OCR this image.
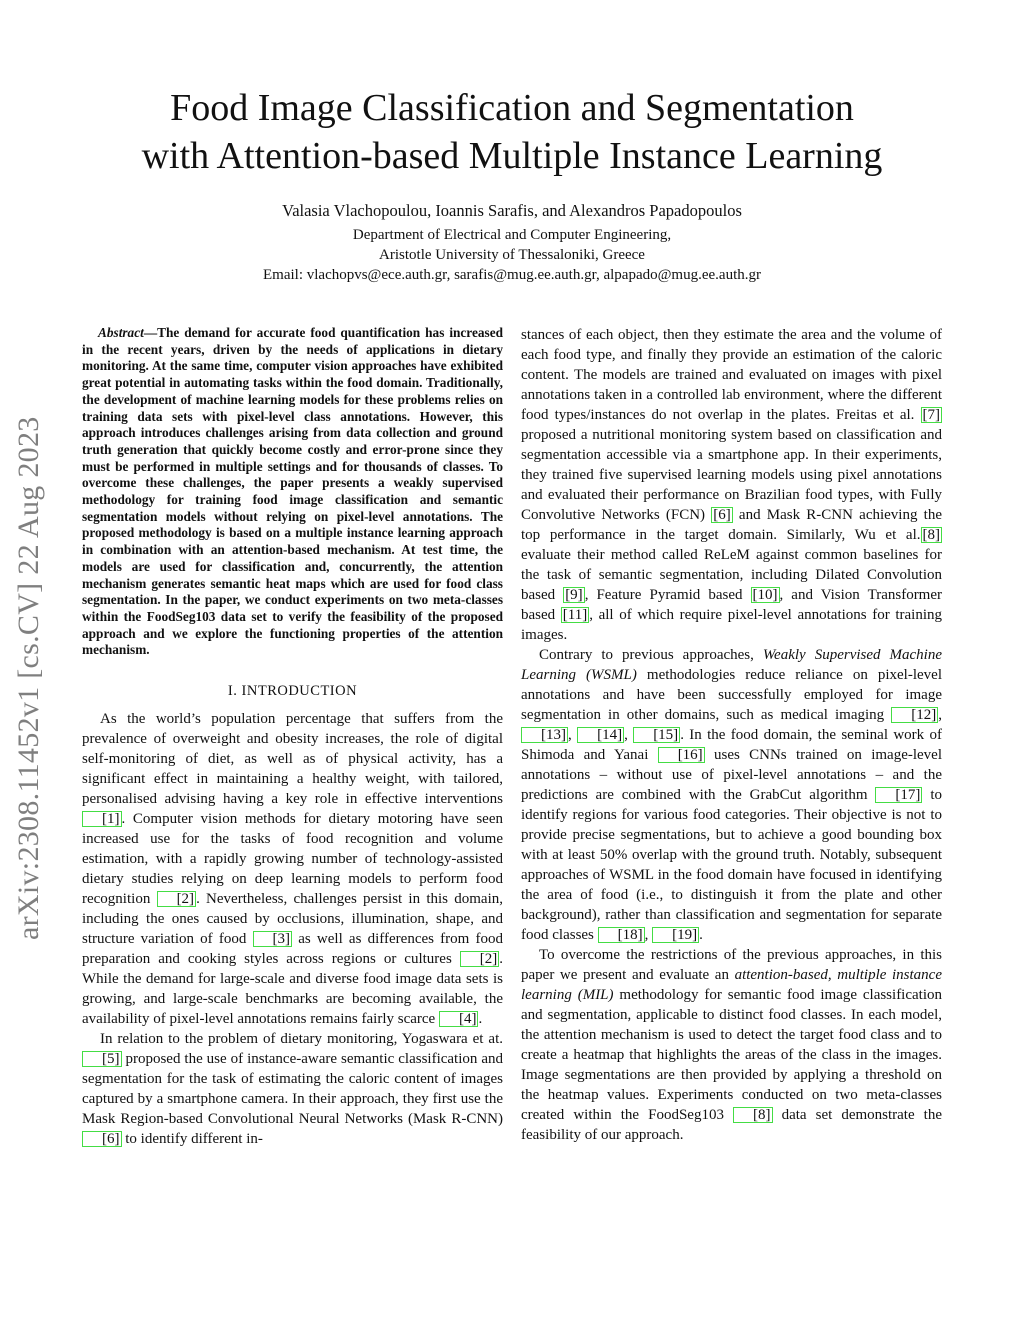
arXiv:2308.11452v1 [cs.CV] 22 Aug 2023
Food Image Classification and Segmentation
with Attention-based Multiple Instance Learning
Valasia Vlachopoulou, Ioannis Sarafis, and Alexandros Papadopoulos
Department of Electrical and Computer Engineering,
Aristotle University of Thessaloniki, Greece
Email: vlachopvs@ece.auth.gr, sarafis@mug.ee.auth.gr, alpapado@mug.ee.auth.gr

Abstract—The demand for accurate food quantification has increased in the recent years, driven by the needs of applications in dietary monitoring. At the same time, computer vision approaches have exhibited great potential in automating tasks within the food domain. Traditionally, the development of machine learning models for these problems relies on training data sets with pixel-level class annotations. However, this approach introduces challenges arising from data collection and ground truth generation that quickly become costly and error-prone since they must be performed in multiple settings and for thousands of classes. To overcome these challenges, the paper presents a weakly supervised methodology for training food image classification and semantic segmentation models without relying on pixel-level annotations. The proposed methodology is based on a multiple instance learning approach in combination with an attention-based mechanism. At test time, the models are used for classification and, concurrently, the attention mechanism generates semantic heat maps which are used for food class segmentation. In the paper, we conduct experiments on two meta-classes within the FoodSeg103 data set to verify the feasibility of the proposed approach and we explore the functioning properties of the attention mechanism.

I. INTRODUCTION

As the world’s population percentage that suffers from the prevalence of overweight and obesity increases, the role of digital self-monitoring of diet, as well as of physical activity, has a significant effect in maintaining a healthy weight, with tailored, personalised advising having a key role in effective interventions [1] . Computer vision methods for dietary motoring have seen increased use for the tasks of food recognition and volume estimation, with a rapidly growing number of technology-assisted dietary studies relying on deep learning models to perform food recognition [2] . Nevertheless, challenges persist in this domain, including the ones caused by occlusions, illumination, shape, and structure variation of food [3] as well as differences from food preparation and cooking styles across regions or cultures [2] . While the demand for large-scale and diverse food image data sets is growing, and large-scale benchmarks are becoming available, the availability of pixel-level annotations remains fairly scarce [4] .

In relation to the problem of dietary monitoring, Yogaswara et at. [5] proposed the use of instance-aware semantic classification and segmentation for the task of estimating the caloric content of images captured by a smartphone camera. In their approach, they first use the Mask Region-based Convolutional Neural Networks (Mask R-CNN) [6] to identify different in-

stances of each object, then they estimate the area and the volume of each food type, and finally they provide an estimation of the caloric content. The models are trained and evaluated on images with pixel annotations taken in a controlled lab environment, where the different food types/instances do not overlap in the plates. Freitas et al. [7] proposed a nutritional monitoring system based on classification and segmentation accessible via a smartphone app. In their experiments, they trained five supervised learning models using pixel annotations and evaluated their performance on Brazilian food types, with Fully Convolutive Networks (FCN) [6] and Mask R-CNN achieving the top performance in the target domain. Similarly, Wu et al. [8] evaluate their method called ReLeM against common baselines for the task of semantic segmentation, including Dilated Convolution based [9] , Feature Pyramid based [10] , and Vision Transformer based [11] , all of which require pixel-level annotations for training images.

Contrary to previous approaches, Weakly Supervised Machine Learning (WSML) methodologies reduce reliance on pixel-level annotations and have been successfully employed for image segmentation in other domains, such as medical imaging [12] , [13] , [14] , [15] . In the food domain, the seminal work of Shimoda and Yanai [16] uses CNNs trained on image-level annotations – without use of pixel-level annotations – and the predictions are combined with the GrabCut algorithm [17] to identify regions for various food categories. Their objective is not to provide precise segmentations, but to achieve a good bounding box with at least 50% overlap with the ground truth. Notably, subsequent approaches of WSML in the food domain have focused in identifying the area of food (i.e., to distinguish it from the plate and other background), rather than classification and segmentation for separate food classes [18] , [19] .

To overcome the restrictions of the previous approaches, in this paper we present and evaluate an attention-based, multiple instance learning (MIL) methodology for semantic food image classification and segmentation, applicable to distinct food classes. In each model, the attention mechanism is used to detect the target food class and to create a heatmap that highlights the areas of the class in the images. Image segmentations are then provided by applying a threshold on the heatmap values. Experiments conducted on two meta-classes created within the FoodSeg103 [8] data set demonstrate the feasibility of our approach.
